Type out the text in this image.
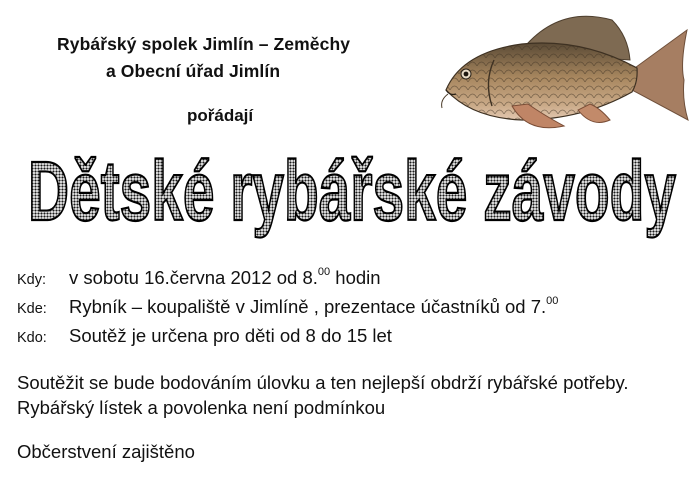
Rybářský spolek Jimlín – Zeměchy
a Obecní úřad Jimlín
pořádají
Dětské rybářské závody
Kdy: v sobotu 16.června 2012 od 8.00 hodin
Kde: Rybník – koupaliště v Jimlíně , prezentace účastníků od 7.00
Kdo: Soutěž je určena pro děti od 8 do 15 let
Soutěžit se bude bodováním úlovku a ten nejlepší obdrží rybářské potřeby.
Rybářský lístek a povolenka není podmínkou
Občerstvení zajištěno
